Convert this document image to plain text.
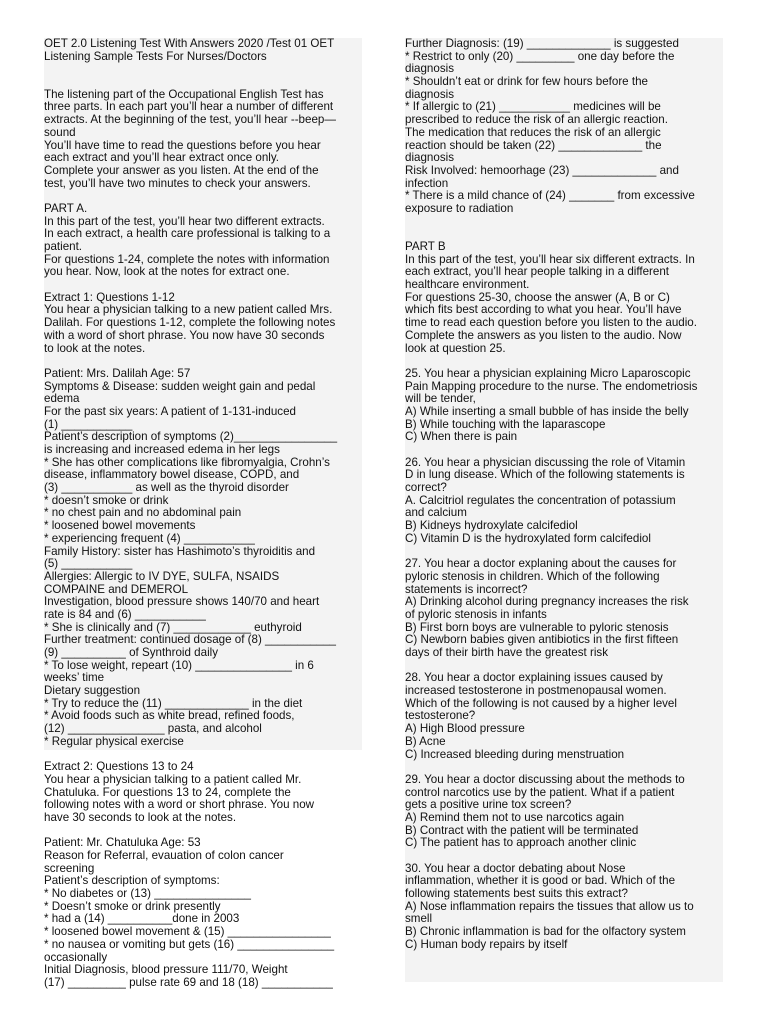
OET 2.0 Listening Test With Answers 2020 /Test 01 OET
Listening Sample Tests For Nurses/Doctors
The listening part of the Occupational English Test has
three parts. In each part you’ll hear a number of different
extracts. At the beginning of the test, you’ll hear --beep—
sound
You’ll have time to read the questions before you hear
each extract and you’ll hear extract once only.
Complete your answer as you listen. At the end of the
test, you’ll have two minutes to check your answers.
PART A.
In this part of the test, you’ll hear two different extracts.
In each extract, a health care professional is talking to a
patient.
For questions 1-24, complete the notes with information
you hear. Now, look at the notes for extract one.
Extract 1: Questions 1-12
You hear a physician talking to a new patient called Mrs.
Dalilah. For questions 1-12, complete the following notes
with a word of short phrase. You now have 30 seconds
to look at the notes.
Patient: Mrs. Dalilah Age: 57
Symptoms & Disease: sudden weight gain and pedal
edema
For the past six years: A patient of 1-131-induced
(1) ___________
Patient’s description of symptoms (2)________________
is increasing and increased edema in her legs
* She has other complications like fibromyalgia, Crohn’s
disease, inflammatory bowel disease, COPD, and
(3) ___________ as well as the thyroid disorder
* doesn’t smoke or drink
* no chest pain and no abdominal pain
* loosened bowel movements
* experiencing frequent (4) ___________
Family History: sister has Hashimoto’s thyroiditis and
(5) ___________
Allergies: Allergic to IV DYE, SULFA, NSAIDS
COMPAINE and DEMEROL
Investigation, blood pressure shows 140/70 and heart
rate is 84 and (6) ___________
* She is clinically and (7) ____________ euthyroid
Further treatment: continued dosage of (8) ___________
(9) __________ of Synthroid daily
* To lose weight, repeart (10) _______________ in 6
weeks’ time
Dietary suggestion
* Try to reduce the (11) _____________ in the diet
* Avoid foods such as white bread, refined foods,
(12) _______________ pasta, and alcohol
* Regular physical exercise
Extract 2: Questions 13 to 24
You hear a physician talking to a patient called Mr.
Chatuluka. For questions 13 to 24, complete the
following notes with a word or short phrase. You now
have 30 seconds to look at the notes.
Patient: Mr. Chatuluka Age: 53
Reason for Referral, evauation of colon cancer
screening
Patient’s description of symptoms:
* No diabetes or (13) _______________
* Doesn’t smoke or drink presently
* had a (14) __________done in 2003
* loosened bowel movement & (15) ________________
* no nausea or vomiting but gets (16) _______________
occasionally
Initial Diagnosis, blood pressure 111/70, Weight
(17) _________ pulse rate 69 and 18 (18) ___________
Further Diagnosis: (19) _____________ is suggested
* Restrict to only (20) _________ one day before the
diagnosis
* Shouldn’t eat or drink for few hours before the
diagnosis
* If allergic to (21) ___________ medicines will be
prescribed to reduce the risk of an allergic reaction.
The medication that reduces the risk of an allergic
reaction should be taken (22) _____________ the
diagnosis
Risk Involved: hemoorhage (23) _____________ and
infection
* There is a mild chance of (24) _______ from excessive
exposure to radiation
PART B
In this part of the test, you’ll hear six different extracts. In
each extract, you’ll hear people talking in a different
healthcare environment.
For questions 25-30, choose the answer (A, B or C)
which fits best according to what you hear. You’ll have
time to read each question before you listen to the audio.
Complete the answers as you listen to the audio. Now
look at question 25.
25. You hear a physician explaining Micro Laparoscopic
Pain Mapping procedure to the nurse. The endometriosis
will be tender,
A) While inserting a small bubble of has inside the belly
B) While touching with the laparascope
C) When there is pain
26. You hear a physician discussing the role of Vitamin
D in lung disease. Which of the following statements is
correct?
A. Calcitriol regulates the concentration of potassium
and calcium
B) Kidneys hydroxylate calcifediol
C) Vitamin D is the hydroxylated form calcifediol
27. You hear a doctor explaning about the causes for
pyloric stenosis in children. Which of the following
statements is incorrect?
A) Drinking alcohol during pregnancy increases the risk
of pyloric stenosis in infants
B) First born boys are vulnerable to pyloric stenosis
C) Newborn babies given antibiotics in the first fifteen
days of their birth have the greatest risk
28. You hear a doctor explaining issues caused by
increased testosterone in postmenopausal women.
Which of the following is not caused by a higher level
testosterone?
A) High Blood pressure
B) Acne
C) Increased bleeding during menstruation
29. You hear a doctor discussing about the methods to
control narcotics use by the patient. What if a patient
gets a positive urine tox screen?
A) Remind them not to use narcotics again
B) Contract with the patient will be terminated
C) The patient has to approach another clinic
30. You hear a doctor debating about Nose
inflammation, whether it is good or bad. Which of the
following statements best suits this extract?
A) Nose inflammation repairs the tissues that allow us to
smell
B) Chronic inflammation is bad for the olfactory system
C) Human body repairs by itself
